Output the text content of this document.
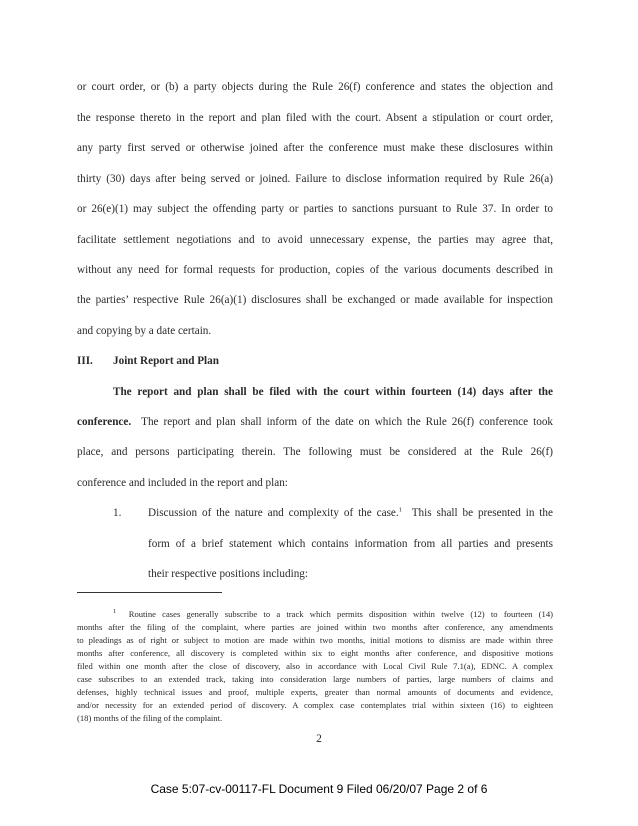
or court order, or (b) a party objects during the Rule 26(f) conference and states the objection and
the response thereto in the report and plan filed with the court. Absent a stipulation or court order,
any party first served or otherwise joined after the conference must make these disclosures within
thirty (30) days after being served or joined. Failure to disclose information required by Rule 26(a)
or 26(e)(1) may subject the offending party or parties to sanctions pursuant to Rule 37. In order to
facilitate settlement negotiations and to avoid unnecessary expense, the parties may agree that,
without any need for formal requests for production, copies of the various documents described in
the parties’ respective Rule 26(a)(1) disclosures shall be exchanged or made available for inspection
and copying by a date certain.
III. Joint Report and Plan
The report and plan shall be filed with the court within fourteen (14) days after the
conference. The report and plan shall inform of the date on which the Rule 26(f) conference took
place, and persons participating therein. The following must be considered at the Rule 26(f)
conference and included in the report and plan:
1. Discussion of the nature and complexity of the case.$^1$ This shall be presented in the
form of a brief statement which contains information from all parties and presents
their respective positions including:
$^1$ Routine cases generally subscribe to a track which permits disposition within twelve (12) to fourteen (14)
months after the filing of the complaint, where parties are joined within two months after conference, any amendments
to pleadings as of right or subject to motion are made within two months, initial motions to dismiss are made within three
months after conference, all discovery is completed within six to eight months after conference, and dispositive motions
filed within one month after the close of discovery, also in accordance with Local Civil Rule 7.1(a), EDNC. A complex
case subscribes to an extended track, taking into consideration large numbers of parties, large numbers of claims and
defenses, highly technical issues and proof, multiple experts, greater than normal amounts of documents and evidence,
and/or necessity for an extended period of discovery. A complex case contemplates trial within sixteen (16) to eighteen
(18) months of the filing of the complaint.
2
Case 5:07-cv-00117-FL Document 9 Filed 06/20/07 Page 2 of 6
